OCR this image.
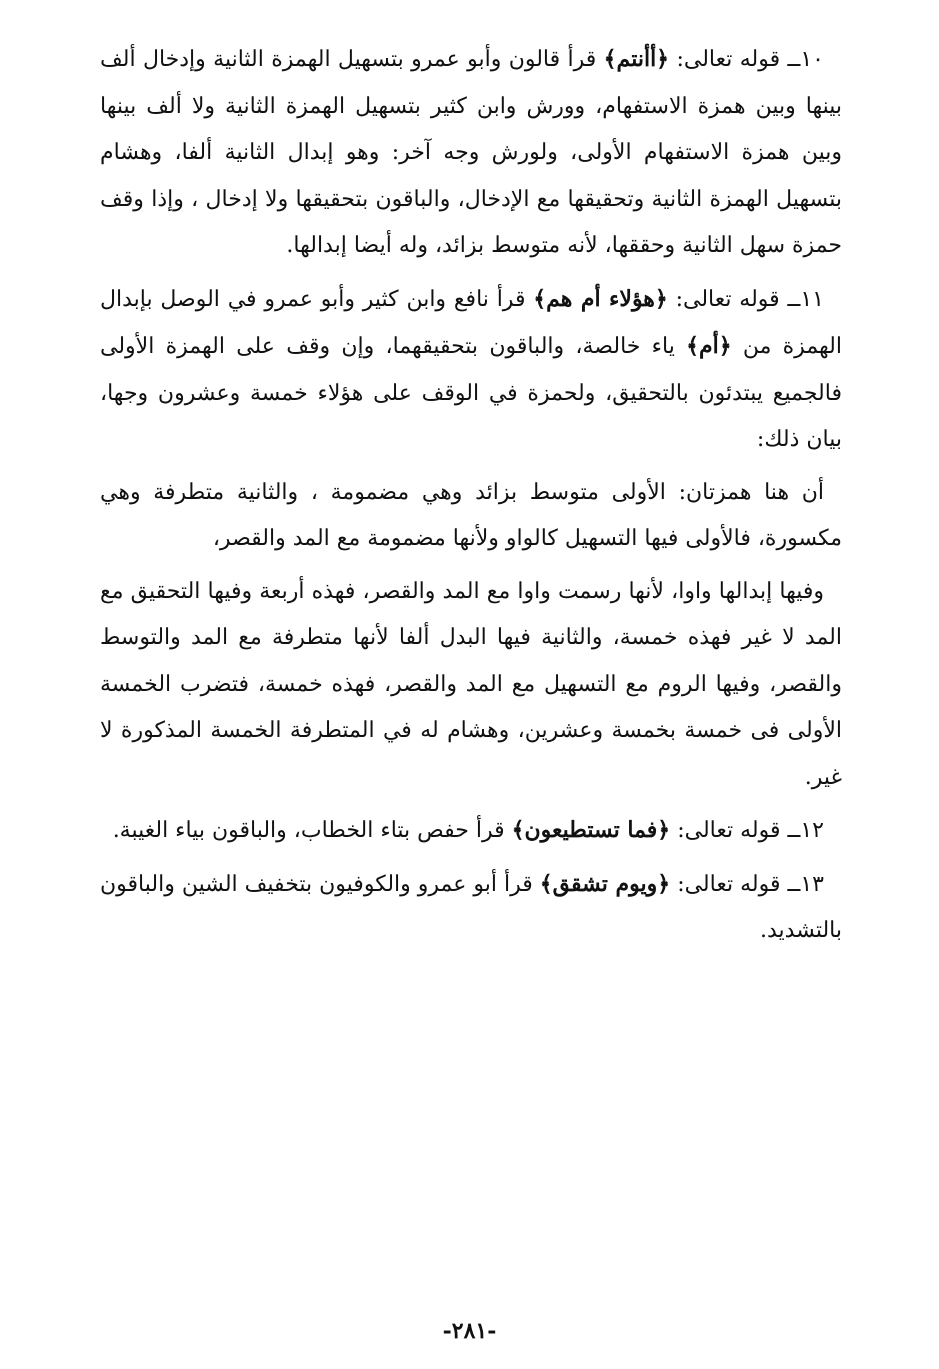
١٠ــ قوله تعالى: ﴿أأنتم﴾ قرأ قالون وأبو عمرو بتسهيل الهمزة الثانية وإدخال ألف بينها وبين همزة الاستفهام، وورش وابن كثير بتسهيل الهمزة الثانية ولا ألف بينها وبين همزة الاستفهام الأولى، ولورش وجه آخر: وهو إبدال الثانية ألفا، وهشام بتسهيل الهمزة الثانية وتحقيقها مع الإدخال، والباقون بتحقيقها ولا إدخال ، وإذا وقف حمزة سهل الثانية وحققها، لأنه متوسط بزائد، وله أيضا إبدالها.

١١ــ قوله تعالى: ﴿هؤلاء أم هم﴾ قرأ نافع وابن كثير وأبو عمرو في الوصل بإبدال الهمزة من ﴿أم﴾ ياء خالصة، والباقون بتحقيقهما، وإن وقف على الهمزة الأولى فالجميع يبتدئون بالتحقيق، ولحمزة في الوقف على هؤلاء خمسة وعشرون وجها، بيان ذلك:

أن هنا همزتان: الأولى متوسط بزائد وهي مضمومة ، والثانية متطرفة وهي مكسورة، فالأولى فيها التسهيل كالواو ولأنها مضمومة مع المد والقصر،

وفيها إبدالها واوا، لأنها رسمت واوا مع المد والقصر، فهذه أربعة وفيها التحقيق مع المد لا غير فهذه خمسة، والثانية فيها البدل ألفا لأنها متطرفة مع المد والتوسط والقصر، وفيها الروم مع التسهيل مع المد والقصر، فهذه خمسة، فتضرب الخمسة الأولى فى خمسة بخمسة وعشرين، وهشام له في المتطرفة الخمسة المذكورة لا غير.

١٢ــ قوله تعالى: ﴿فما تستطيعون﴾ قرأ حفص بتاء الخطاب، والباقون بياء الغيبة.

١٣ــ قوله تعالى: ﴿ويوم تشقق﴾ قرأ أبو عمرو والكوفيون بتخفيف الشين والباقون بالتشديد.

-٢٨١-
